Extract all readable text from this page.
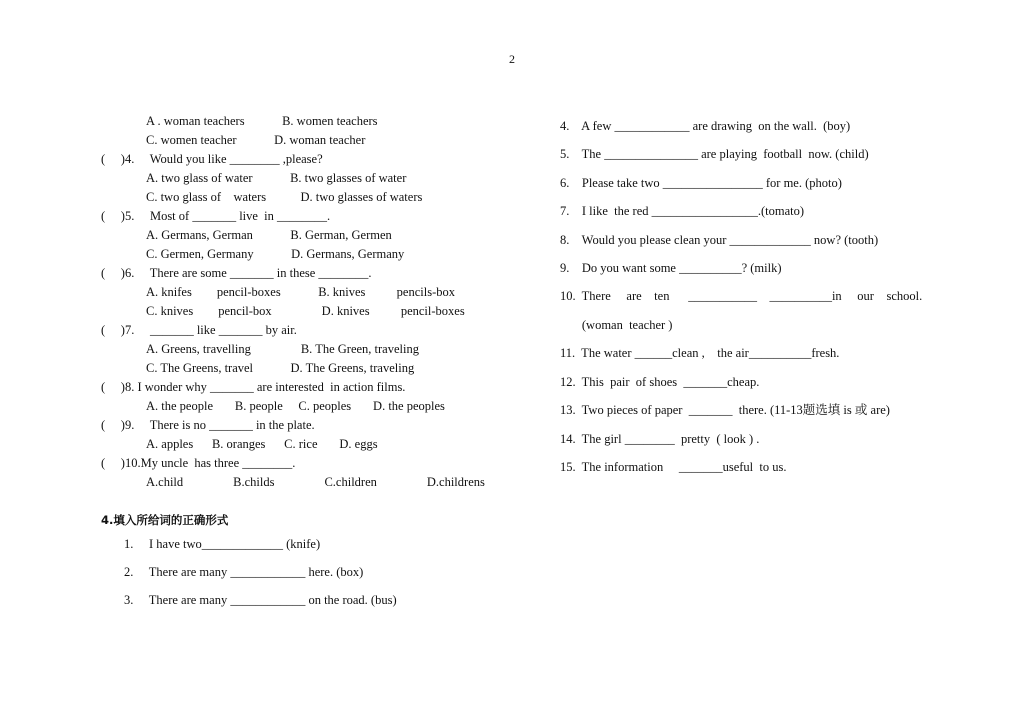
2
A . woman teachers            B. women teachers
C. women teacher            D. woman teacher
(     )4.     Would you like ________ ,please?
A. two glass of water            B. two glasses of water
C. two glass of    waters           D. two glasses of waters
(     )5.     Most of _______ live  in ________.
A. Germans, German            B. German, Germen
C. Germen, Germany            D. Germans, Germany
(     )6.     There are some _______ in these ________.
A. knifes        pencil-boxes            B. knives          pencils-box
C. knives        pencil-box                D. knives          pencil-boxes
(     )7.     _______ like _______ by air.
A. Greens, travelling                B. The Green, traveling
C. The Greens, travel            D. The Greens, traveling
(     )8. I wonder why _______ are interested  in action films.
A. the people       B. people     C. peoples       D. the peoples
(     )9.     There is no _______ in the plate.
A. apples      B. oranges      C. rice       D. eggs
(     )10.My uncle  has three ________.
A.child                B.childs                C.children                D.childrens
4.填入所给词的正确形式
1.     I have two_____________ (knife)
2.     There are many ____________ here. (box)
3.     There are many ____________ on the road. (bus)
4.    A few ____________ are drawing  on the wall.  (boy)
5.    The _______________ are playing  football  now. (child)
6.    Please take two ________________ for me. (photo)
7.    I like  the red _________________.(tomato)
8.    Would you please clean your _____________ now? (tooth)
9.    Do you want some __________? (milk)
10.  There     are    ten      ___________    __________in     our    school.
(woman  teacher )
11.  The water ______clean ,    the air__________fresh.
12.  This  pair  of shoes  _______cheap.
13.  Two pieces of paper  _______  there. (11-13题选填 is 或 are)
14.  The girl ________  pretty  ( look ) .
15.  The information     _______useful  to us.
